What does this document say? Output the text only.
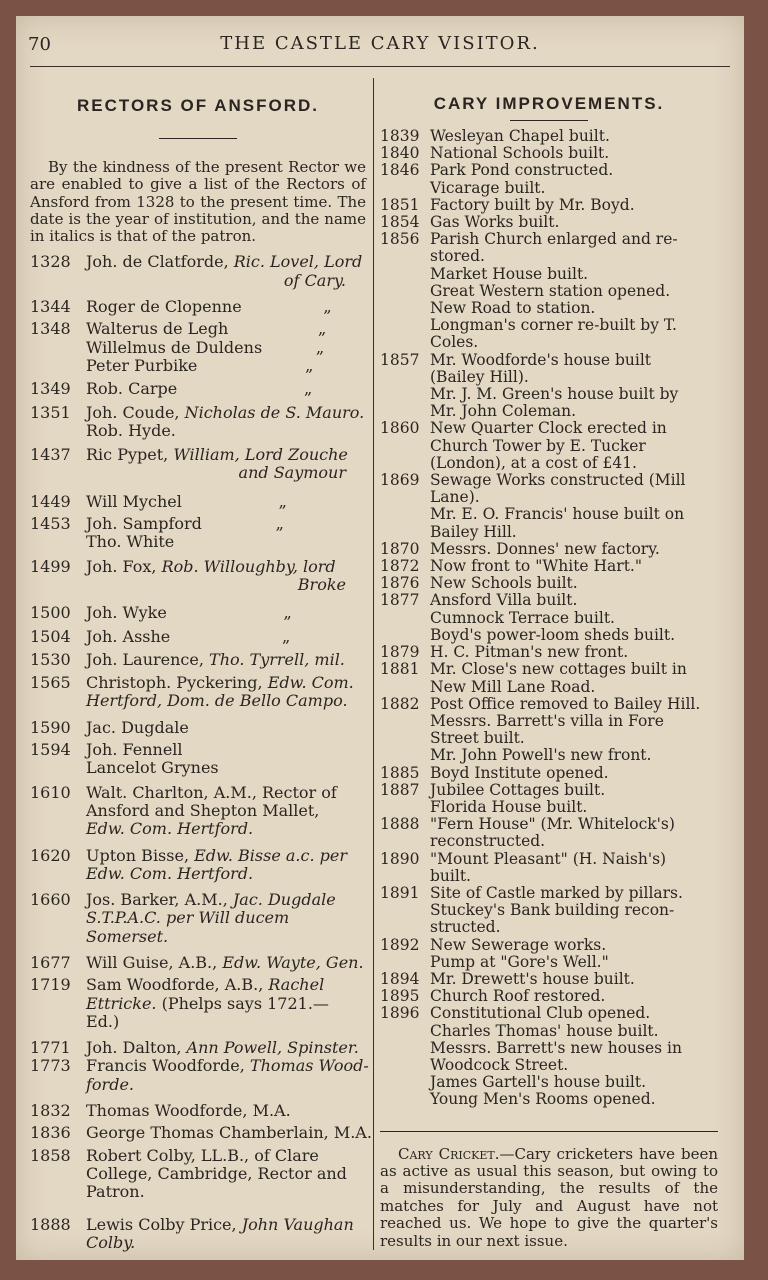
70	THE CASTLE CARY VISITOR.
RECTORS OF ANSFORD.

By the kindness of the present Rector we are enabled to give a list of the Rectors of Ansford from 1328 to the present time. The date is the year of institution, and the name in italics is that of the patron.

1328 Joh. de Clatforde, Ric. Lovel, Lord
of Cary.
1344 Roger de Clopenne	„
1348 Walterus de Legh	„
Willelmus de Duldens	„
Peter Purbike	„
1349 Rob. Carpe	„
1351 Joh. Coude, Nicholas de S. Mauro.
Rob. Hyde.
1437 Ric Pypet, William, Lord Zouche
and Saymour
1449 Will Mychel	„
1453 Joh. Sampford	„
Tho. White
1499 Joh. Fox, Rob. Willoughby, lord
Broke
1500 Joh. Wyke	„
1504 Joh. Asshe	„
1530 Joh. Laurence, Tho. Tyrrell, mil.
1565 Christoph. Pyckering, Edw. Com.
Hertford, Dom. de Bello Campo.
1590 Jac. Dugdale
1594 Joh. Fennell
Lancelot Grynes
1610 Walt. Charlton, A.M., Rector of
Ansford and Shepton Mallet,
Edw. Com. Hertford.
1620 Upton Bisse, Edw. Bisse a.c. per
Edw. Com. Hertford.
1660 Jos. Barker, A.M., Jac. Dugdale
S.T.P.A.C. per Will ducem
Somerset.
1677 Will Guise, A.B., Edw. Wayte, Gen.
1719 Sam Woodforde, A.B., Rachel
Ettricke. (Phelps says 1721.—
Ed.)
1771 Joh. Dalton, Ann Powell, Spinster.
1773 Francis Woodforde, Thomas Wood-
forde.
1832 Thomas Woodforde, M.A.
1836 George Thomas Chamberlain, M.A.
1858 Robert Colby, LL.B., of Clare
College, Cambridge, Rector and
Patron.
1888 Lewis Colby Price, John Vaughan
Colby.
CARY IMPROVEMENTS.
1839 Wesleyan Chapel built.
1840 National Schools built.
1846 Park Pond constructed.
Vicarage built.
1851 Factory built by Mr. Boyd.
1854 Gas Works built.
1856 Parish Church enlarged and re-
stored.
Market House built.
Great Western station opened.
New Road to station.
Longman's corner re-built by T.
Coles.
1857 Mr. Woodforde's house built
(Bailey Hill).
Mr. J. M. Green's house built by
Mr. John Coleman.
1860 New Quarter Clock erected in
Church Tower by E. Tucker
(London), at a cost of £41.
1869 Sewage Works constructed (Mill
Lane).
Mr. E. O. Francis' house built on
Bailey Hill.
1870 Messrs. Donnes' new factory.
1872 Now front to "White Hart."
1876 New Schools built.
1877 Ansford Villa built.
Cumnock Terrace built.
Boyd's power-loom sheds built.
1879 H. C. Pitman's new front.
1881 Mr. Close's new cottages built in
New Mill Lane Road.
1882 Post Office removed to Bailey Hill.
Messrs. Barrett's villa in Fore
Street built.
Mr. John Powell's new front.
1885 Boyd Institute opened.
1887 Jubilee Cottages built.
Florida House built.
1888 "Fern House" (Mr. Whitelock's)
reconstructed.
1890 "Mount Pleasant" (H. Naish's)
built.
1891 Site of Castle marked by pillars.
Stuckey's Bank building recon-
structed.
1892 New Sewerage works.
Pump at "Gore's Well."
1894 Mr. Drewett's house built.
1895 Church Roof restored.
1896 Constitutional Club opened.
Charles Thomas' house built.
Messrs. Barrett's new houses in
Woodcock Street.
James Gartell's house built.
Young Men's Rooms opened.

Cary Cricket.—Cary cricketers have been as active as usual this season, but owing to a misunderstanding, the results of the matches for July and August have not reached us. We hope to give the quarter's results in our next issue.
